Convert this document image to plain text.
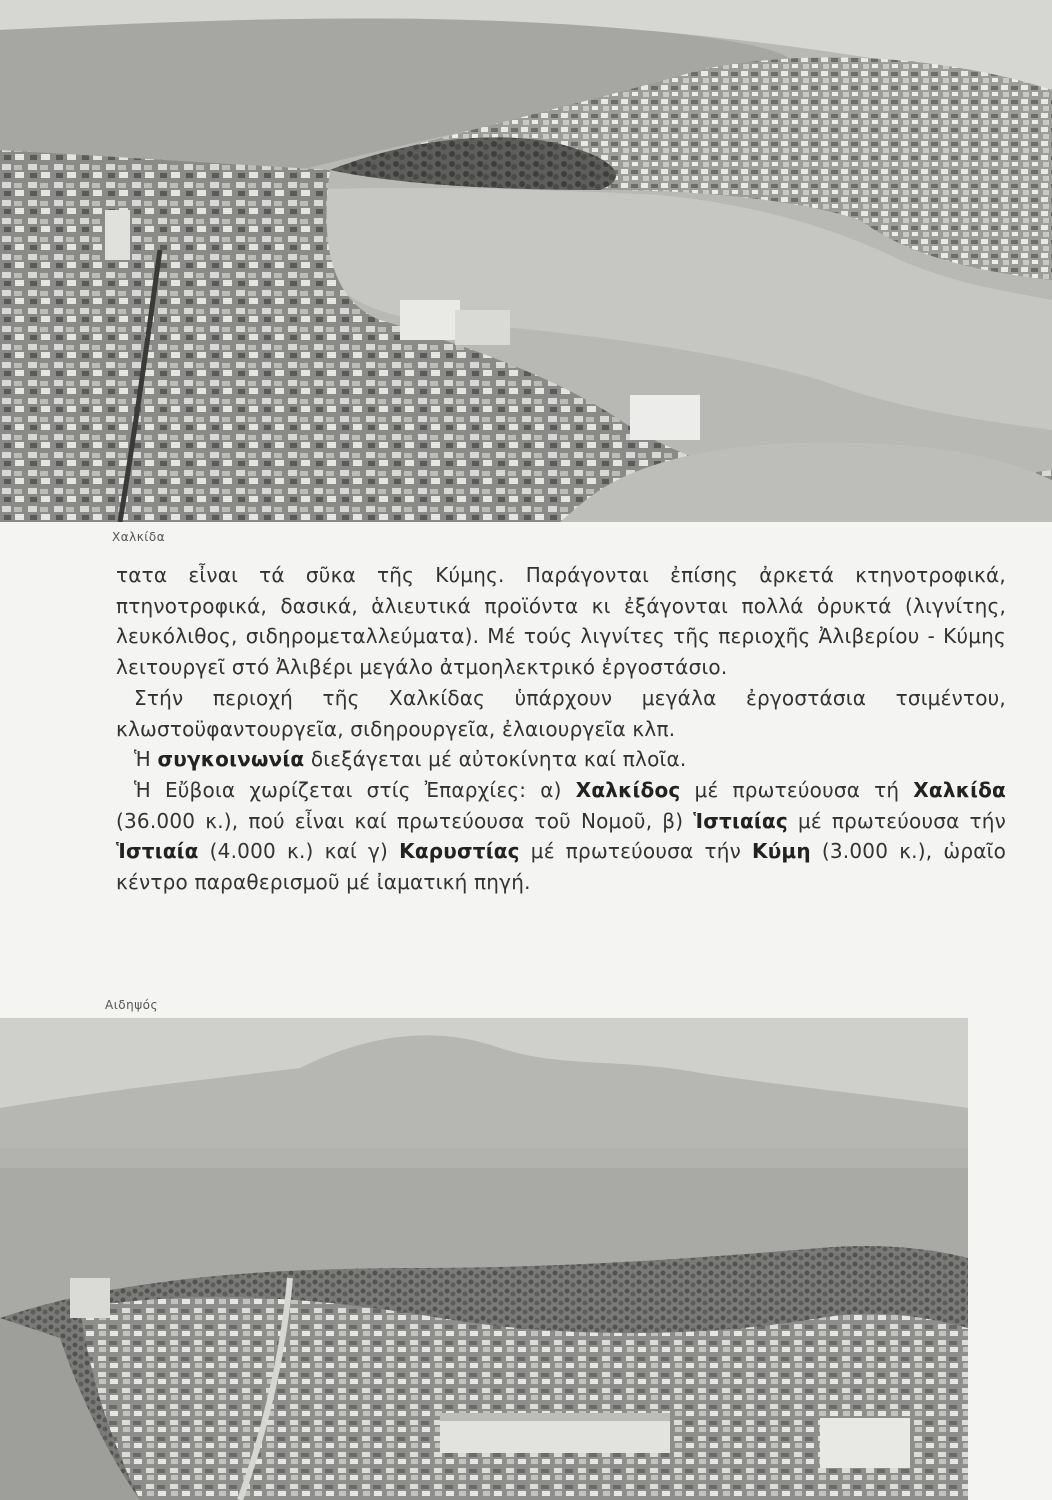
Χαλκίδα

τατα εἶναι τά σῦκα τῆς Κύμης. Παράγονται ἐπίσης ἀρκετά κτηνοτροφικά, πτηνοτροφικά, δασικά, ἁλιευτικά προϊόντα κι ἐξάγονται πολλά ὀρυκτά (λιγνίτης, λευκόλιθος, σιδηρομεταλλεύματα). Μέ τούς λιγνίτες τῆς περιοχῆς Ἀλιβερίου - Κύμης λειτουργεῖ στό Ἀλιβέρι μεγάλο ἀτμοηλεκτρικό ἐργοστάσιο.

Στήν περιοχή τῆς Χαλκίδας ὑπάρχουν μεγάλα ἐργοστάσια τσιμέντου, κλωστοϋφαντουργεῖα, σιδηρουργεῖα, ἐλαιουργεῖα κλπ.

Ἡ συγκοινωνία διεξάγεται μέ αὐτοκίνητα καί πλοῖα.

Ἡ Εὔβοια χωρίζεται στίς Ἐπαρχίες: α) Χαλκίδος μέ πρωτεύουσα τή Χαλκίδα (36.000 κ.), πού εἶναι καί πρωτεύουσα τοῦ Νομοῦ, β) Ἱστιαίας μέ πρωτεύουσα τήν Ἱστιαία (4.000 κ.) καί γ) Καρυστίας μέ πρωτεύουσα τήν Κύμη (3.000 κ.), ὡραῖο κέντρο παραθερισμοῦ μέ ἰαματική πηγή.

Αιδηψός
